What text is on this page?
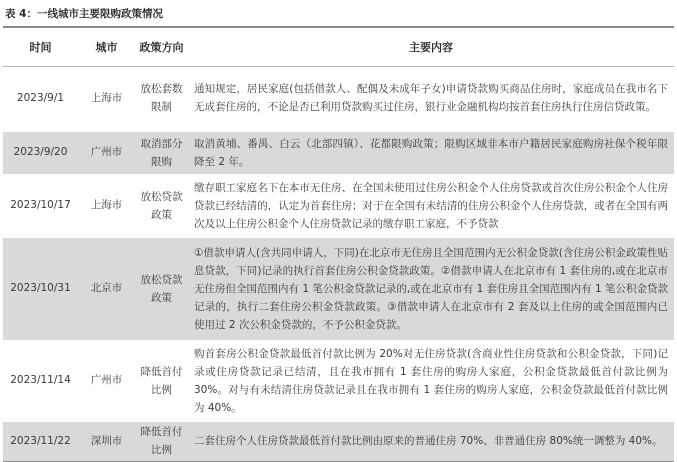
表 4：一线城市主要限购政策情况
时间	城市	政策方向	主要内容
2023/9/1	上海市	放松套数限制	通知规定，居民家庭(包括借款人、配偶及未成年子女)申请贷款购买商品住房时，家庭成员在我市名下无成套住房的，不论是否已利用贷款购买过住房，银行业金融机构均按首套住房执行住房信贷政策。
2023/9/20	广州市	取消部分限购	取消黄埔、番禺、白云（北部四镇）、花都限购政策；限购区域非本市户籍居民家庭购房社保个税年限降至 2 年。
2023/10/17	上海市	放松贷款政策	缴存职工家庭名下在本市无住房、在全国未使用过住房公积金个人住房贷款或首次住房公积金个人住房贷款已经结清的，认定为首套住房；对于在全国有未结清的住房公积金个人住房贷款，或者在全国有两次及以上住房公积金个人住房贷款记录的缴存职工家庭，不予贷款
2023/10/31	北京市	放松贷款政策	①借款申请人(含共同申请人，下同)在北京市无住房且全国范围内无公积金贷款(含住房公积金政策性贴息贷款，下同)记录的执行首套住房公积金贷款政策。②借款申请人在北京市有 1 套住房的,或在北京市无住房但全国范围内有 1 笔公积金贷款记录的,或在北京市有 1 套住房且全国范围内有 1 笔公积金贷款记录的，执行二套住房公积金贷款政策。③借款申请人在北京市有 2 套及以上住房的或全国范围内已使用过 2 次公积金贷款的，不予公积金贷款。
2023/11/14	广州市	降低首付比例	购首套房公积金贷款最低首付款比例为 20%对无住房贷款(含商业性住房贷款和公积金贷款，下同)记录或住房贷款记录已结清，且在我市拥有 1 套住房的购房人家庭，公积金贷款最低首付款比例为 30%。对与有未结清住房贷款记录且在我市拥有 1 套住房的购房人家庭，公积金贷款最低首付款比例为 40%。
2023/11/22	深圳市	降低首付比例	二套住房个人住房贷款最低首付款比例由原来的普通住房 70%、非普通住房 80%统一调整为 40%。
